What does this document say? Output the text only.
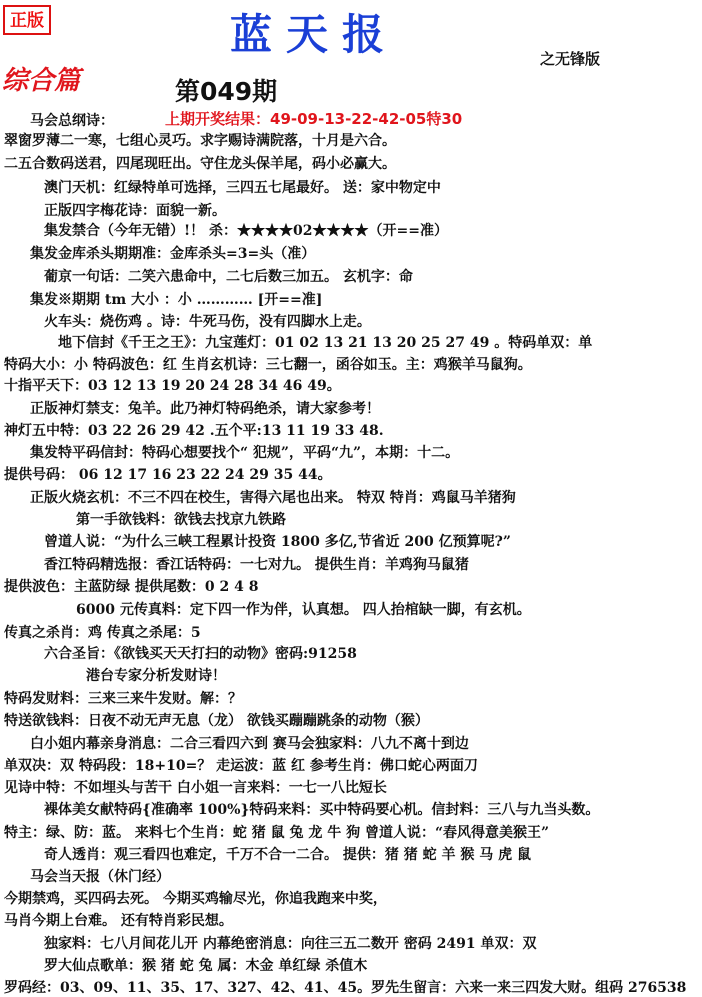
正版	蓝天报	之无锋版
综合篇	第049期
上期开奖结果：49-09-13-22-42-05特30
马会总纲诗：
翠窗罗薄二一寒，七组心灵巧。求字赐诗满院落，十月是六合。
二五合数码送君，四尾现旺出。守住龙头保羊尾，码小必赢大。
澳门天机：红绿特单可选择，三四五七尾最好。 送：家中物定中
正版四字梅花诗：面貌一新。
集发禁合（今年无错）!！ 杀：★★★★02★★★★（开==准）
集发金库杀头期期准：金库杀头=3=头（准）
葡京一句话：二笑六患命中，二七后数三加五。 玄机字：命
集发※期期 tm 大小 ：小 ………… [开==准]
火车头：烧伤鸡 。诗：牛死马伤，没有四脚水上走。
地下信封《千王之王》：九宝莲灯：01 02 13 21 13 20 25 27 49 。特码单双：单
特码大小：小 特码波色：红 生肖玄机诗：三七翻一，函谷如玉。主：鸡猴羊马鼠狗。
十指平天下：03 12 13 19 20 24 28 34 46 49。
正版神灯禁支：兔羊。此乃神灯特码绝杀，请大家参考！
神灯五中特：03 22 26 29 42 .五个平:13 11 19 33 48.
集发特平码信封：特码心想要找个“ 犯规”，平码“九”，本期：十二。
提供号码： 06 12 17 16 23 22 24 29 35 44。
正版火烧玄机：不三不四在校生，害得六尾也出来。 特双 特肖：鸡鼠马羊猪狗
第一手欲钱料：欲钱去找京九铁路
曾道人说：“为什么三峡工程累计投资 1800 多亿,节省近 200 亿预算呢?”
香江特码精选报：香江话特码：一七对九。 提供生肖：羊鸡狗马鼠猪
提供波色：主蓝防绿 提供尾数：0 2 4 8
6000 元传真料：定下四一作为伴，认真想。 四人抬棺缺一脚，有玄机。
传真之杀肖：鸡 传真之杀尾：5
六合圣旨：《欲钱买天天打扫的动物》密码:91258
港台专家分析发财诗！
特码发财料：三来三来牛发财。解：？
特送欲钱料：日夜不动无声无息（龙） 欲钱买蹦蹦跳条的动物（猴）
白小姐内幕亲身消息：二合三看四六到 赛马会独家料：八九不离十到边
单双决：双 特码段：18+10=？ 走运波：蓝 红 参考生肖：佛口蛇心两面刀
见诗中特：不如埋头与苦干 白小姐一言来料：一七一八比短长
裸体美女献特码{准确率 100%}特码来料：买中特码要心机。信封料：三八与九当头数。
特主：绿、防：蓝。 来料七个生肖：蛇 猪 鼠 兔 龙 牛 狗 曾道人说：“春风得意美猴王”
奇人透肖：观三看四也难定，千万不合一二合。 提供：猪 猪 蛇 羊 猴 马 虎 鼠
马会当天报（休门经）
今期禁鸡，买四码去死。 今期买鸡输尽光，你追我跑来中奖，
马肖今期上台难。 还有特肖彩民想。
独家料：七八月间花儿开 内幕绝密消息：向往三五二数开 密码 2491 单双：双
罗大仙点歌单：猴 猪 蛇 兔 属：木金 单红绿 杀值木
罗码经：03、09、11、35、17、327、42、41、45。罗先生留言：六来一来三四发大财。组码 276538
